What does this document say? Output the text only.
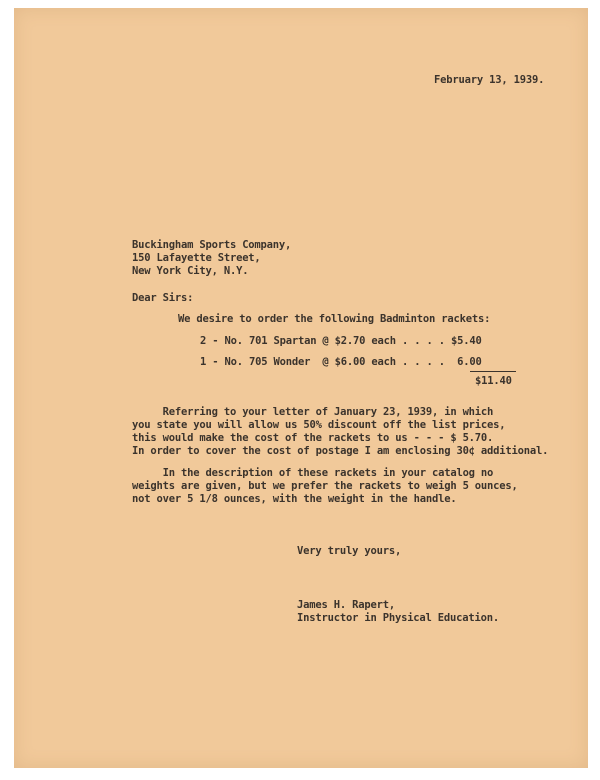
February 13, 1939.
Buckingham Sports Company,
150 Lafayette Street,
New York City, N.Y.
Dear Sirs:
We desire to order the following Badminton rackets:
2 - No. 701 Spartan @ $2.70 each . . . . $5.40
1 - No. 705 Wonder  @ $6.00 each . . . .  6.00
$11.40
Referring to your letter of January 23, 1939, in which
you state you will allow us 50% discount off the list prices,
this would make the cost of the rackets to us - - - $ 5.70.
In order to cover the cost of postage I am enclosing 30¢ additional.
In the description of these rackets in your catalog no
weights are given, but we prefer the rackets to weigh 5 ounces,
not over 5 1/8 ounces, with the weight in the handle.
Very truly yours,
James H. Rapert,
Instructor in Physical Education.
